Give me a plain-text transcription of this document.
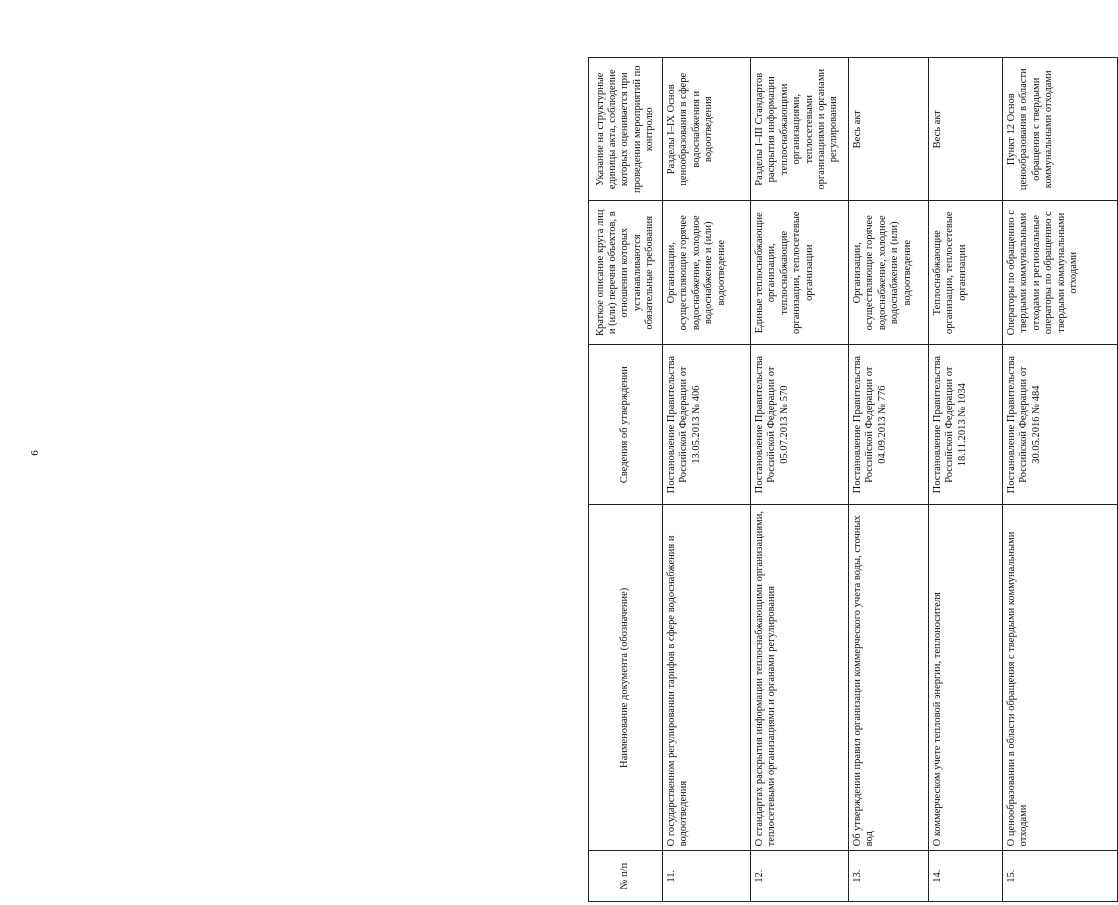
6
№ п/п	Наименование документа (обозначение)	Сведения об утверждении	Краткое описание круга лиц и (или) перечня объектов, в отношении которых устанавливаются обязательные требования	Указание на структурные единицы акта, соблюдение которых оценивается при проведении мероприятий по контролю
11.	О государственном регулировании тарифов в сфере водоснабжения и водоотведения	Постановление Правительства Российской Федерации от 13.05.2013 № 406	Организации, осуществляющие горячее водоснабжение, холодное водоснабжение и (или) водоотведение	Разделы I–IX Основ ценообразования в сфере водоснабжения и водоотведения
12.	О стандартах раскрытия информации теплоснабжающими организациями, теплосетевыми организациями и органами регулирования	Постановление Правительства Российской Федерации от 05.07.2013 № 570	Единые теплоснабжающие организации, теплоснабжающие организации, теплосетевые организации	Разделы I–III Стандартов раскрытия информации теплоснабжающими организациями, теплосетевыми организациями и органами регулирования
13.	Об утверждении правил организации коммерческого учета воды, сточных вод	Постановление Правительства Российской Федерации от 04.09.2013 № 776	Организации, осуществляющие горячее водоснабжение, холодное водоснабжение и (или) водоотведение	Весь акт
14.	О коммерческом учете тепловой энергии, теплоносителя	Постановление Правительства Российской Федерации от 18.11.2013 № 1034	Теплоснабжающие организации, теплосетевые организации	Весь акт
15.	О ценообразовании в области обращения с твердыми коммунальными отходами	Постановление Правительства Российской Федерации от 30.05.2016 № 484	Операторы по обращению с твердыми коммунальными отходами и региональные операторы по обращению с твердыми коммунальными отходами	Пункт 12 Основ ценообразования в области обращения с твердыми коммунальными отходами
